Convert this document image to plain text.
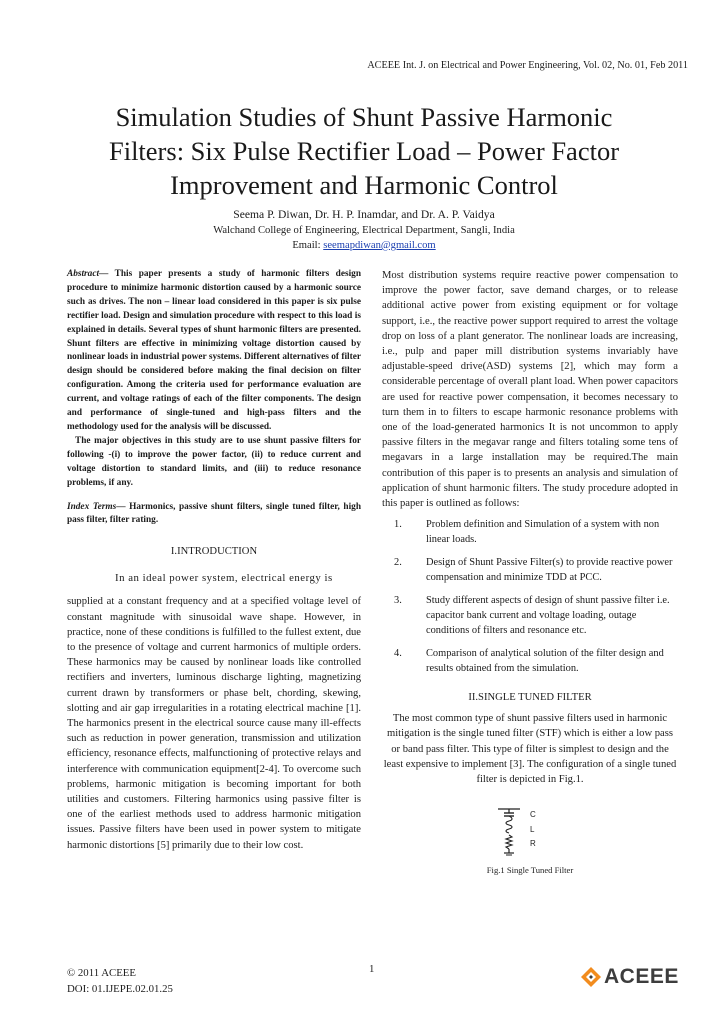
ACEEE Int. J. on Electrical and Power Engineering, Vol. 02, No. 01, Feb 2011
Simulation Studies of Shunt Passive Harmonic
Filters: Six Pulse Rectifier Load – Power Factor
Improvement and Harmonic Control
Seema P. Diwan, Dr. H. P. Inamdar, and Dr. A. P. Vaidya
Walchand College of Engineering, Electrical Department, Sangli, India
Email: seemapdiwan@gmail.com

Abstract— This paper presents a study of harmonic filters design procedure to minimize harmonic distortion caused by a harmonic source such as drives. The non – linear load considered in this paper is six pulse rectifier load. Design and simulation procedure with respect to this load is explained in details. Several types of shunt harmonic filters are presented. Shunt filters are effective in minimizing voltage distortion caused by nonlinear loads in industrial power systems. Different alternatives of filter design should be considered before making the final decision on filter configuration. Among the criteria used for performance evaluation are current, and voltage ratings of each of the filter components. The design and performance of single-tuned and high-pass filters and the methodology used for the analysis will be discussed.

The major objectives in this study are to use shunt passive filters for following -(i) to improve the power factor, (ii) to reduce current and voltage distortion to standard limits, and (iii) to reduce resonance problems, if any.

Index Terms— Harmonics, passive shunt filters, single tuned filter, high pass filter, filter rating.

I.INTRODUCTION

In an ideal power system, electrical energy is

supplied at a constant frequency and at a specified voltage level of constant magnitude with sinusoidal wave shape. However, in practice, none of these conditions is fulfilled to the fullest extent, due to the presence of voltage and current harmonics of multiple orders. These harmonics may be caused by nonlinear loads like controlled rectifiers and inverters, luminous discharge lighting, magnetizing current drawn by transformers or phase belt, chording, skewing, slotting and air gap irregularities in a rotating electrical machine [1]. The harmonics present in the electrical source cause many ill-effects such as reduction in power generation, transmission and utilization efficiency, resonance effects, malfunctioning of protective relays and interference with communication equipment[2-4]. To overcome such problems, harmonic mitigation is becoming important for both utilities and customers. Filtering harmonics using passive filter is one of the earliest methods used to address harmonic mitigation issues. Passive filters have been used in power system to mitigate harmonic distortions [5] primarily due to their low cost.

Most distribution systems require reactive power compensation to improve the power factor, save demand charges, or to release additional active power from existing equipment or for voltage support, i.e., the reactive power support required to arrest the voltage drop on loss of a plant generator. The nonlinear loads are increasing, i.e., pulp and paper mill distribution systems invariably have adjustable-speed drive(ASD) systems [2], which may form a considerable percentage of overall plant load. When power capacitors are used for reactive power compensation, it becomes necessary to turn them in to filters to escape harmonic resonance problems with one of the load-generated harmonics It is not uncommon to apply passive filters in the megavar range and filters totaling some tens of megavars in a large installation may be required.The main contribution of this paper is to presents an analysis and simulation of application of shunt harmonic filters. The study procedure adopted in this paper is outlined as follows:

1.	Problem definition and Simulation of a system with non linear loads.
2.	Design of Shunt Passive Filter(s) to provide reactive power compensation and minimize TDD at PCC.
3.	Study different aspects of design of shunt passive filter i.e. capacitor bank current and voltage loading, outage conditions of filters and resonance etc.
4.	Comparison of analytical solution of the filter design and results obtained from the simulation.
II.SINGLE TUNED FILTER

The most common type of shunt passive filters used in harmonic mitigation is the single tuned filter (STF) which is either a low pass or band pass filter. This type of filter is simplest to design and the least expensive to implement [3]. The configuration of a single tuned filter is depicted in Fig.1.

C
L
R
Fig.1 Single Tuned Filter
© 2011 ACEEE
DOI: 01.IJEPE.02.01.25
1	ACEEE
